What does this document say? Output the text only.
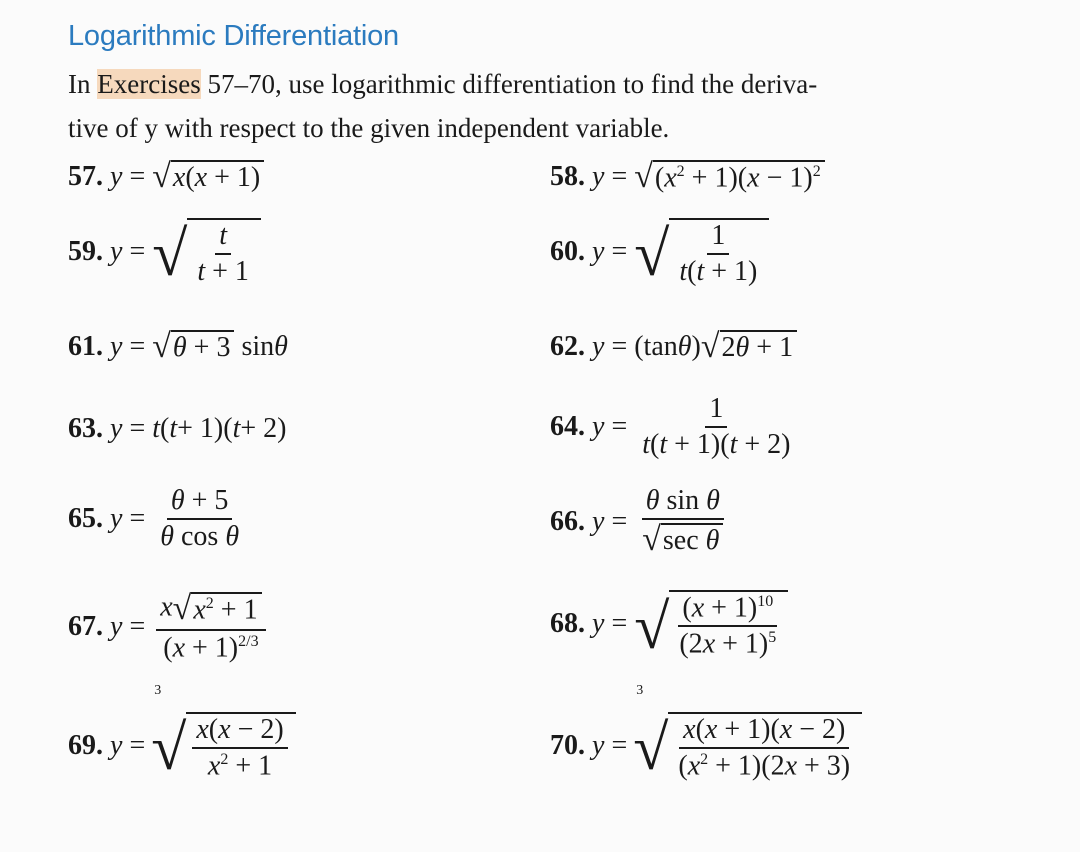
Logarithmic Differentiation
In Exercises 57–70, use logarithmic differentiation to find the deriva-
tive of y with respect to the given independent variable.
57.
y = √ x(x + 1)	58.
y = √ $(x^2 + 1)(x - 1)^2$
59.
y = √ $\frac{t}{t + 1}$	60.
y = √ $\frac{1}{t(t + 1)}$
61.
y = √ θ + 3 sin θ	62.
y = (tan θ ) √ 2θ + 1
63.
y = t ( t + 1)( t + 2)	64.
$y = \frac{1}{t(t + 1)(t + 2)}$
65.
$y = \frac{\theta + 5}{\text{θ cos θ}}$	66.
$y = \frac{\text{θ sin θ}}{\text{√ sec θ}}$
67.
$y = \frac{x √ x^2 + 1}{(x + 1)^{2/3}}$	68.
y = √ $\frac{(x + 1)^{10}}{(2x + 1)^5}$
69.
y =
3
√ $\frac{x(x - 2)}{x^2 + 1}$	70.
y =
3
√ $\frac{x(x + 1)(x - 2)}{(x^2 + 1)(2x + 3)}$
